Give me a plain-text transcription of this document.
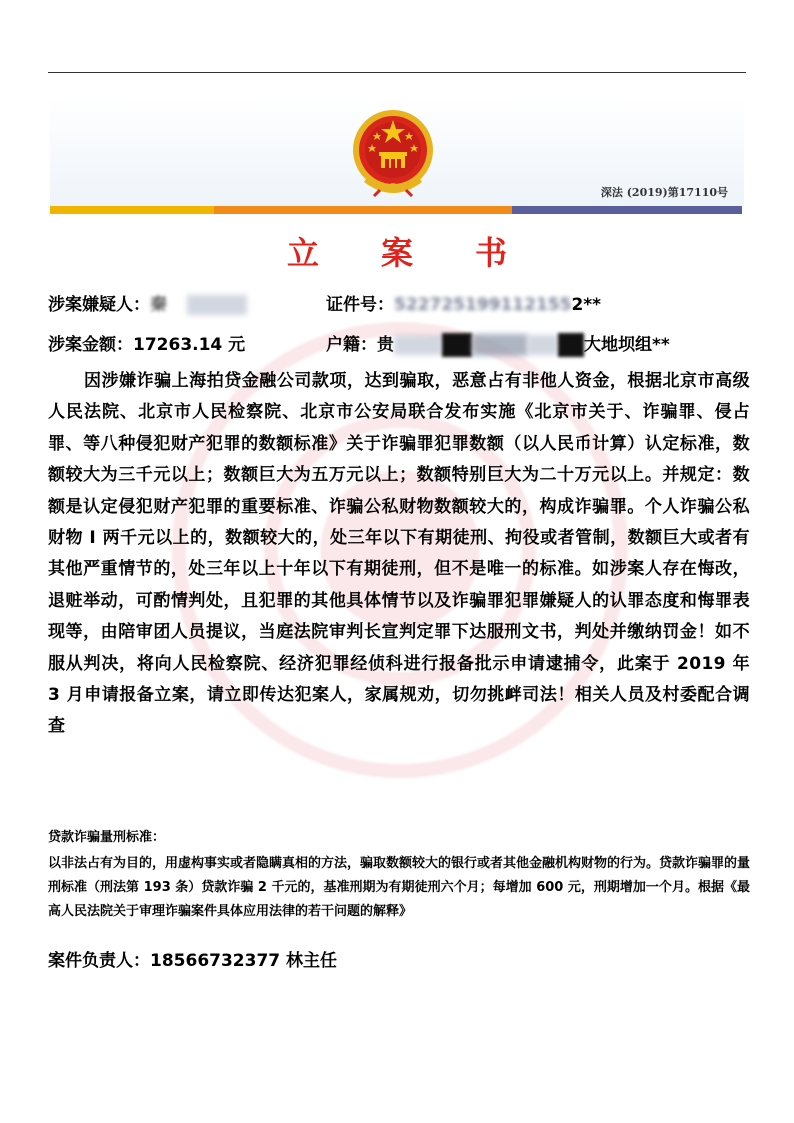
深法 (2019)第17110号
立案书
涉案嫌疑人：秦	证件号：5227251991121552**
涉案金额：17263.14 元	户籍：贵	大地坝组**
因涉嫌诈骗上海拍贷金融公司款项，达到骗取，恶意占有非他人资金，根据北京市高级人民法院、北京市人民检察院、北京市公安局联合发布实施《北京市关于、诈骗罪、侵占罪、等八种侵犯财产犯罪的数额标准》关于诈骗罪犯罪数额（以人民币计算）认定标准，数额较大为三千元以上；数额巨大为五万元以上；数额特别巨大为二十万元以上。并规定：数额是认定侵犯财产犯罪的重要标准、诈骗公私财物数额较大的，构成诈骗罪。个人诈骗公私财物 I 两千元以上的，数额较大的，处三年以下有期徒刑、拘役或者管制，数额巨大或者有其他严重情节的，处三年以上十年以下有期徒刑，但不是唯一的标准。如涉案人存在悔改，退赃举动，可酌情判处，且犯罪的其他具体情节以及诈骗罪犯罪嫌疑人的认罪态度和悔罪表现等，由陪审团人员提议，当庭法院审判长宣判定罪下达服刑文书，判处并缴纳罚金！如不服从判决，将向人民检察院、经济犯罪经侦科进行报备批示申请逮捕令，此案于 2019 年 3 月申请报备立案，请立即传达犯案人，家属规劝，切勿挑衅司法！相关人员及村委配合调查
贷款诈骗量刑标准：
以非法占有为目的，用虚构事实或者隐瞒真相的方法，骗取数额较大的银行或者其他金融机构财物的行为。贷款诈骗罪的量刑标准（刑法第 193 条）贷款诈骗 2 千元的，基准刑期为有期徒刑六个月；每增加 600 元，刑期增加一个月。根据《最高人民法院关于审理诈骗案件具体应用法律的若干问题的解释》
案件负责人：18566732377 林主任
